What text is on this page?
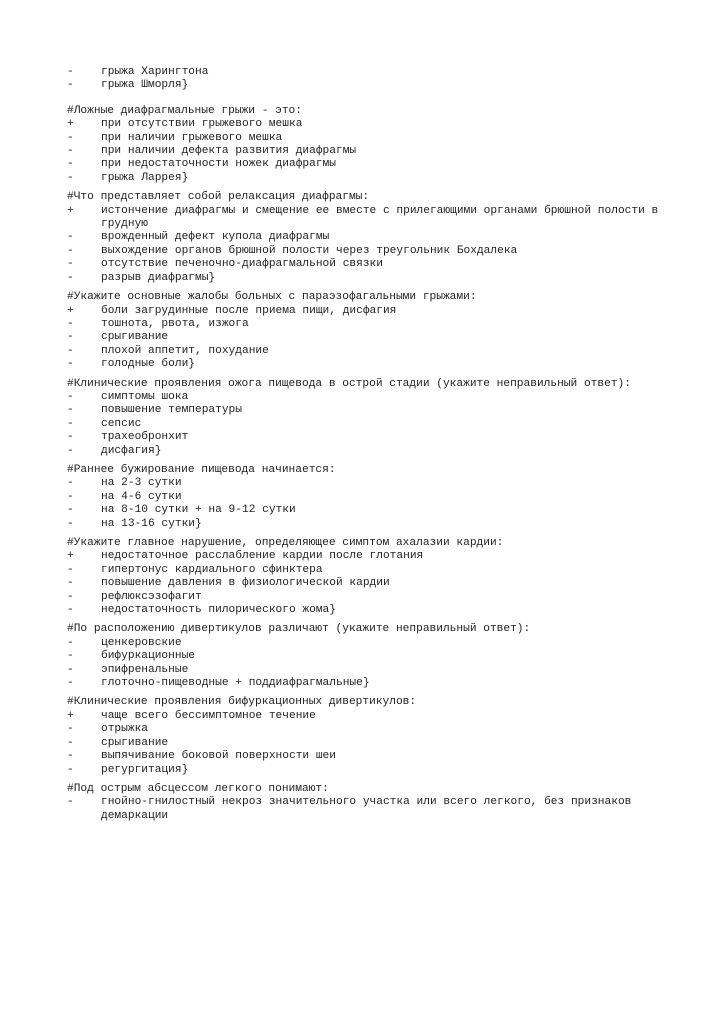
-	грыжа Харингтона
-	грыжа Шморля}
#Ложные диафрагмальные грыжи - это:
+	при отсутствии грыжевого мешка
-	при наличии грыжевого мешка
-	при наличии дефекта развития диафрагмы
-	при недостаточности ножек диафрагмы
-	грыжа Ларрея}
#Что представляет собой релаксация диафрагмы:
+	истончение диафрагмы и смещение ее вместе с прилегающими органами брюшной полости в грудную
-	врожденный дефект купола диафрагмы
-	выхождение органов брюшной полости через треугольник Бохдалека
-	отсутствие печеночно-диафрагмальной связки
-	разрыв диафрагмы}
#Укажите основные жалобы больных с параэзофагальными грыжами:
+	боли загрудинные после приема пищи, дисфагия
-	тошнота, рвота, изжога
-	срыгивание
-	плохой аппетит, похудание
-	голодные боли}
#Клинические проявления ожога пищевода в острой стадии (укажите неправильный ответ):
-	симптомы шока
-	повышение температуры
-	сепсис
-	трахеобронхит
-	дисфагия}
#Раннее бужирование пищевода начинается:
-	на 2-3 сутки
-	на 4-6 сутки
-	на 8-10 сутки + на 9-12 сутки
-	на 13-16 сутки}
#Укажите главное нарушение, определяющее симптом ахалазии кардии:
+	недостаточное расслабление кардии после глотания
-	гипертонус кардиального сфинктера
-	повышение давления в физиологической кардии
-	рефлюксэзофагит
-	недостаточность пилорического жома}
#По расположению дивертикулов различают (укажите неправильный ответ):
-	ценкеровские
-	бифуркационные
-	эпифренальные
-	глоточно-пищеводные + поддиафрагмальные}
#Клинические проявления бифуркационных дивертикулов:
+	чаще всего бессимптомное течение
-	отрыжка
-	срыгивание
-	выпячивание боковой поверхности шеи
-	регургитация}
#Под острым абсцессом легкого понимают:
-	гнойно-гнилостный некроз значительного участка или всего легкого, без признаков демаркации
